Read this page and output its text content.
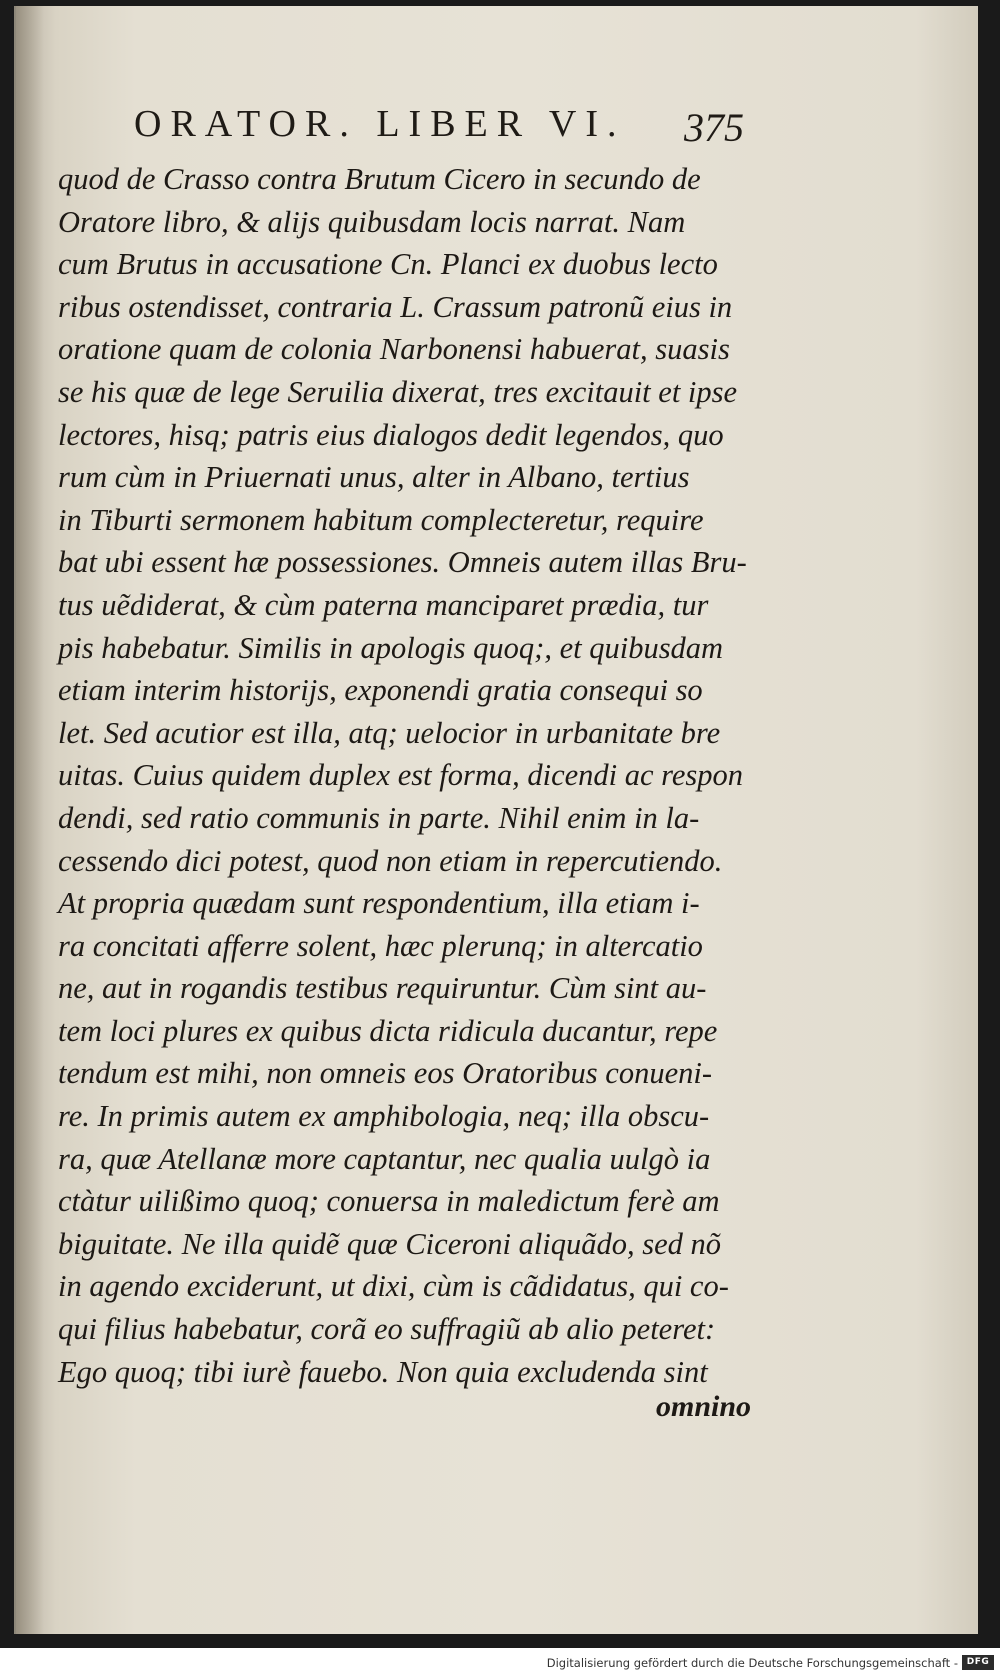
ORATOR. LIBER VI.	375
quod de Crasso contra Brutum Cicero in secundo de
Oratore libro, & alijs quibusdam locis narrat. Nam
cum Brutus in accusatione Cn. Planci ex duobus lecto
ribus ostendisset, contraria L. Crassum patronũ eius in
oratione quam de colonia Narbonensi habuerat, suasis
se his quæ de lege Seruilia dixerat, tres excitauit et ipse
lectores, hisq; patris eius dialogos dedit legendos, quo
rum cùm in Priuernati unus, alter in Albano, tertius
in Tiburti sermonem habitum complecteretur, require
bat ubi essent hæ possessiones. Omneis autem illas Bru-
tus uẽdiderat, & cùm paterna manciparet prædia, tur
pis habebatur. Similis in apologis quoq;, et quibusdam
etiam interim historijs, exponendi gratia consequi so
let. Sed acutior est illa, atq; uelocior in urbanitate bre
uitas. Cuius quidem duplex est forma, dicendi ac respon
dendi, sed ratio communis in parte. Nihil enim in la-
cessendo dici potest, quod non etiam in repercutiendo.
At propria quædam sunt respondentium, illa etiam i-
ra concitati afferre solent, hæc plerunq; in altercatio
ne, aut in rogandis testibus requiruntur. Cùm sint au-
tem loci plures ex quibus dicta ridicula ducantur, repe
tendum est mihi, non omneis eos Oratoribus conueni-
re. In primis autem ex amphibologia, neq; illa obscu-
ra, quæ Atellanæ more captantur, nec qualia uulgò ia
ctàtur uilißimo quoq; conuersa in maledictum ferè am
biguitate. Ne illa quidẽ quæ Ciceroni aliquãdo, sed nõ
in agendo exciderunt, ut dixi, cùm is cãdidatus, qui co-
qui filius habebatur, corã eo suffragiũ ab alio peteret:
Ego quoq; tibi iurè fauebo. Non quia excludenda sint
omnino
Digitalisierung gefördert durch die Deutsche Forschungsgemeinschaft - DFG
